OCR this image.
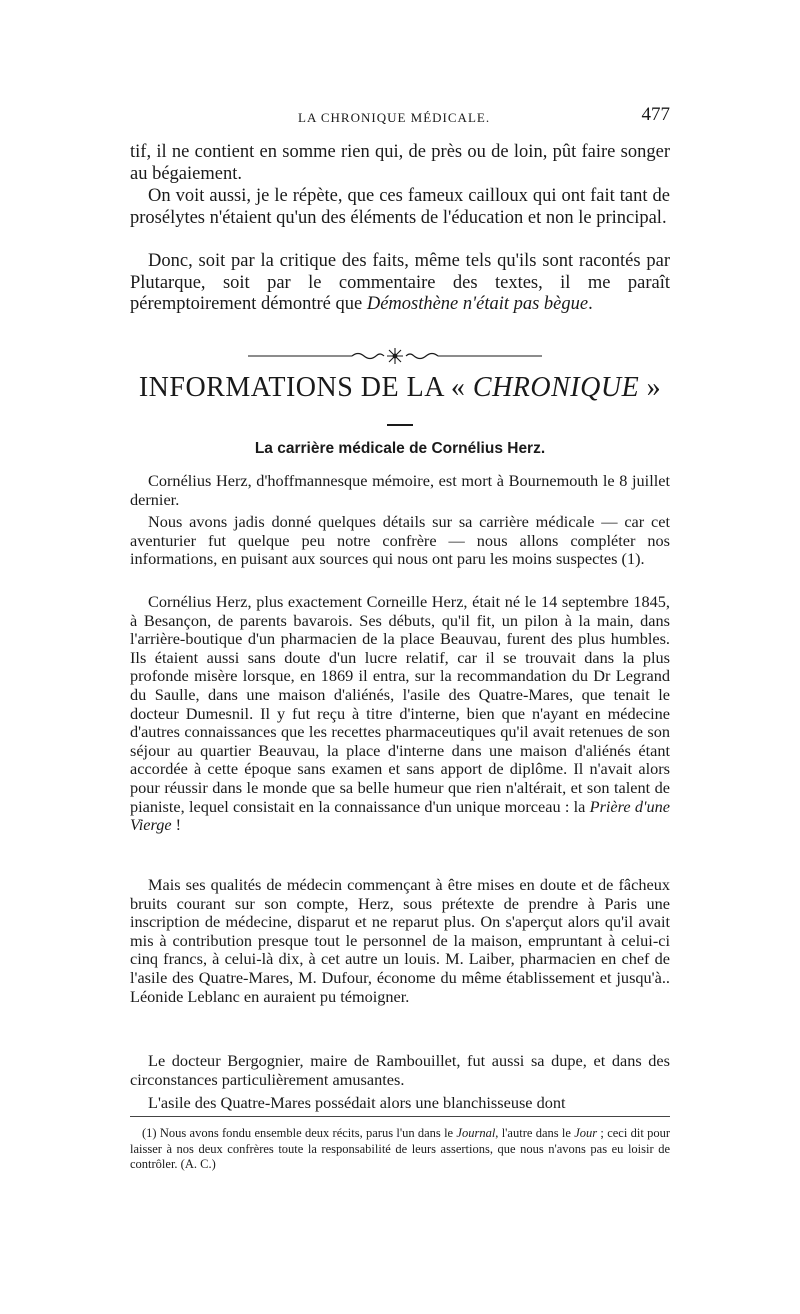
LA CHRONIQUE MÉDICALE.	477

tif, il ne contient en somme rien qui, de près ou de loin, pût faire songer au bégaiement.

On voit aussi, je le répète, que ces fameux cailloux qui ont fait tant de prosélytes n'étaient qu'un des éléments de l'éducation et non le principal.

Donc, soit par la critique des faits, même tels qu'ils sont racontés par Plutarque, soit par le commentaire des textes, il me paraît péremptoirement démontré que Démosthène n'était pas bègue.

INFORMATIONS DE LA « CHRONIQUE »
La carrière médicale de Cornélius Herz.

Cornélius Herz, d'hoffmannesque mémoire, est mort à Bournemouth le 8 juillet dernier.

Nous avons jadis donné quelques détails sur sa carrière médicale — car cet aventurier fut quelque peu notre confrère — nous allons compléter nos informations, en puisant aux sources qui nous ont paru les moins suspectes (1).

Cornélius Herz, plus exactement Corneille Herz, était né le 14 septembre 1845, à Besançon, de parents bavarois. Ses débuts, qu'il fit, un pilon à la main, dans l'arrière-boutique d'un pharmacien de la place Beauvau, furent des plus humbles. Ils étaient aussi sans doute d'un lucre relatif, car il se trouvait dans la plus profonde misère lorsque, en 1869 il entra, sur la recommandation du Dr Legrand du Saulle, dans une maison d'aliénés, l'asile des Quatre-Mares, que tenait le docteur Dumesnil. Il y fut reçu à titre d'interne, bien que n'ayant en médecine d'autres connaissances que les recettes pharmaceutiques qu'il avait retenues de son séjour au quartier Beauvau, la place d'interne dans une maison d'aliénés étant accordée à cette époque sans examen et sans apport de diplôme. Il n'avait alors pour réussir dans le monde que sa belle humeur que rien n'altérait, et son talent de pianiste, lequel consistait en la connaissance d'un unique morceau : la Prière d'une Vierge !

Mais ses qualités de médecin commençant à être mises en doute et de fâcheux bruits courant sur son compte, Herz, sous prétexte de prendre à Paris une inscription de médecine, disparut et ne reparut plus. On s'aperçut alors qu'il avait mis à contribution presque tout le personnel de la maison, empruntant à celui-ci cinq francs, à celui-là dix, à cet autre un louis. M. Laiber, pharmacien en chef de l'asile des Quatre-Mares, M. Dufour, économe du même établissement et jusqu'à.. Léonide Leblanc en auraient pu témoigner.

Le docteur Bergognier, maire de Rambouillet, fut aussi sa dupe, et dans des circonstances particulièrement amusantes.

L'asile des Quatre-Mares possédait alors une blanchisseuse dont

(1) Nous avons fondu ensemble deux récits, parus l'un dans le Journal, l'autre dans le Jour ; ceci dit pour laisser à nos deux confrères toute la responsabilité de leurs assertions, que nous n'avons pas eu loisir de contrôler. (A. C.)
